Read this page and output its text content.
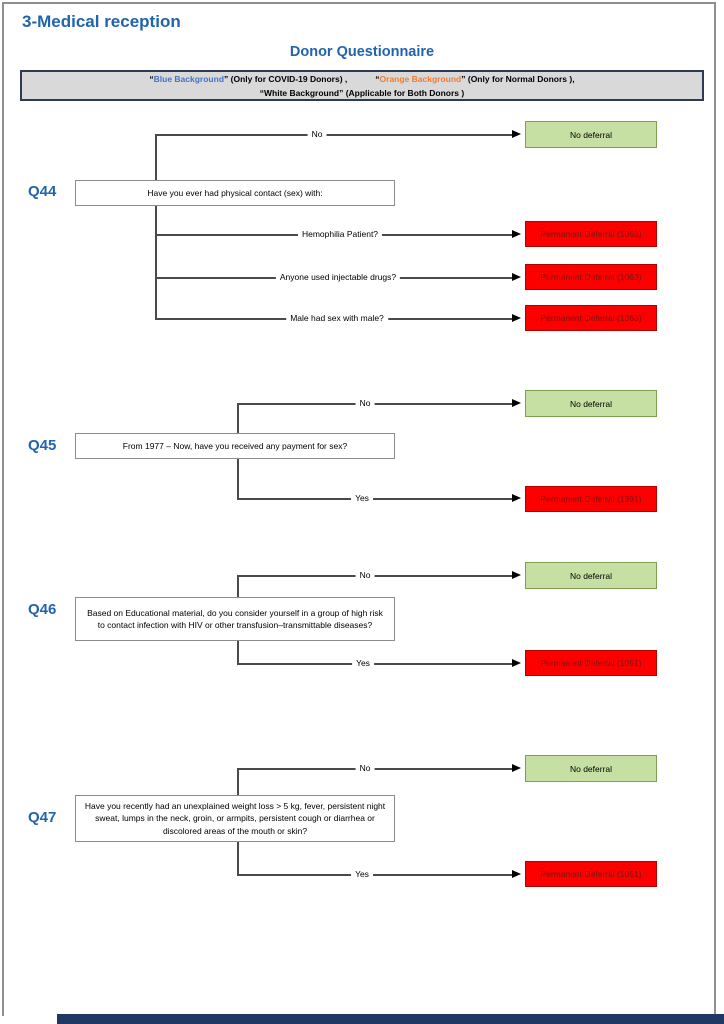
3-Medical reception
Donor Questionnaire
“Blue Background” (Only for COVID-19 Donors) ,	“Orange Background” (Only for Normal Donors ),
“White Background” (Applicable for Both Donors )
No
Hemophilia Patient?
Anyone used injectable drugs?
Male had sex with male?
Q44	Have you ever had physical contact (sex) with:
No deferral
Permanent Deferral (1063)
Permanent Deferral (1063)
Permanent Deferral (1063)
No
Yes
Q45	From 1977 – Now, have you received any payment for sex?
No deferral
Permanent Deferral (1391)
No
Yes
Q46	Based on Educational material, do you consider yourself in a group of high risk to contact infection with HIV or other transfusion–transmittable diseases?
No deferral
Permanent Deferral (1051)
No
Yes
Q47
Have you recently had an unexplained weight loss > 5 kg, fever, persistent night sweat, lumps in the neck, groin, or armpits, persistent cough or diarrhea or discolored areas of the mouth or skin?
No deferral
Permanent Deferral (1051)
